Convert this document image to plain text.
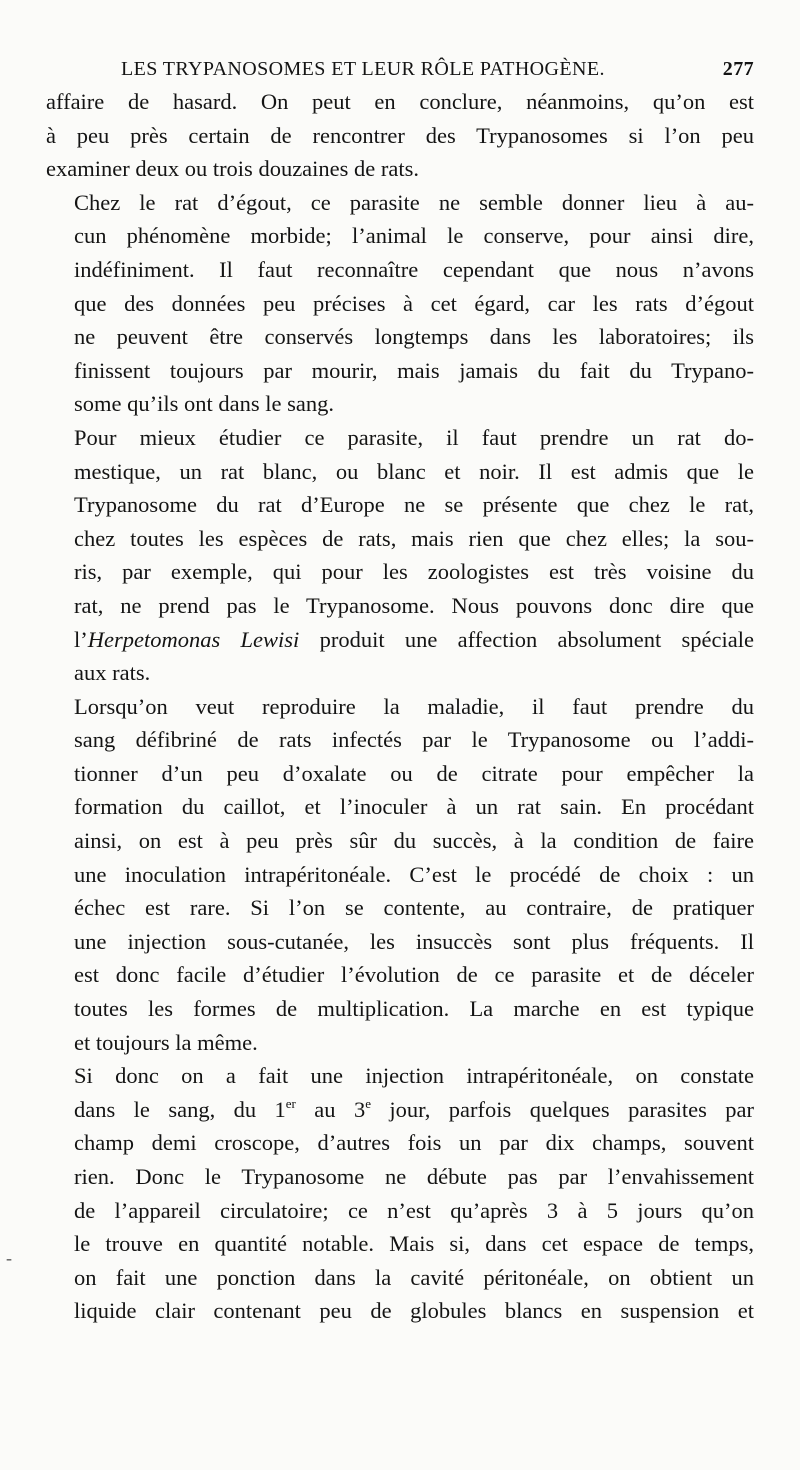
LES TRYPANOSOMES ET LEUR RÔLE PATHOGÈNE.	277

affaire de hasard. On peut en conclure, néanmoins, qu’on est
à peu près certain de rencontrer des Trypanosomes si l’on peu
examiner deux ou trois douzaines de rats.

Chez le rat d’égout, ce parasite ne semble donner lieu à au-
cun phénomène morbide; l’animal le conserve, pour ainsi dire,
indéfiniment. Il faut reconnaître cependant que nous n’avons
que des données peu précises à cet égard, car les rats d’égout
ne peuvent être conservés longtemps dans les laboratoires; ils
finissent toujours par mourir, mais jamais du fait du Trypano-
some qu’ils ont dans le sang.

Pour mieux étudier ce parasite, il faut prendre un rat do-
mestique, un rat blanc, ou blanc et noir. Il est admis que le
Trypanosome du rat d’Europe ne se présente que chez le rat,
chez toutes les espèces de rats, mais rien que chez elles; la sou-
ris, par exemple, qui pour les zoologistes est très voisine du
rat, ne prend pas le Trypanosome. Nous pouvons donc dire que
l’Herpetomonas Lewisi produit une affection absolument spéciale
aux rats.

Lorsqu’on veut reproduire la maladie, il faut prendre du
sang défibriné de rats infectés par le Trypanosome ou l’addi-
tionner d’un peu d’oxalate ou de citrate pour empêcher la
formation du caillot, et l’inoculer à un rat sain. En procédant
ainsi, on est à peu près sûr du succès, à la condition de faire
une inoculation intrapéritonéale. C’est le procédé de choix : un
échec est rare. Si l’on se contente, au contraire, de pratiquer
une injection sous-cutanée, les insuccès sont plus fréquents. Il
est donc facile d’étudier l’évolution de ce parasite et de déceler
toutes les formes de multiplication. La marche en est typique
et toujours la même.

Si donc on a fait une injection intrapéritonéale, on constate
dans le sang, du 1er au 3e jour, parfois quelques parasites par
champ demi croscope, d’autres fois un par dix champs, souvent
rien. Donc le Trypanosome ne débute pas par l’envahissement
de l’appareil circulatoire; ce n’est qu’après 3 à 5 jours qu’on
le trouve en quantité notable. Mais si, dans cet espace de temps,
on fait une ponction dans la cavité péritonéale, on obtient un
liquide clair contenant peu de globules blancs en suspension et

-
